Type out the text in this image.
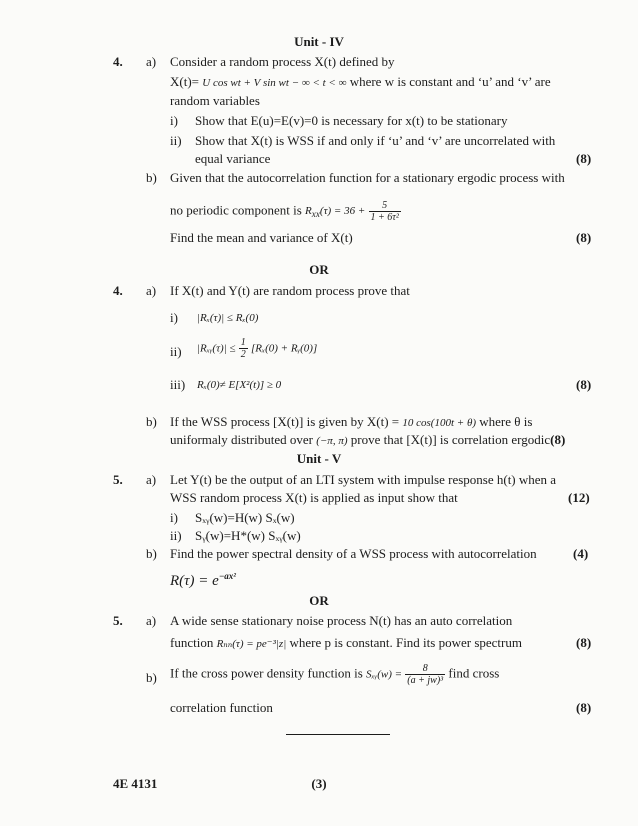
Unit - IV
4. a) Consider a random process X(t) defined by
X(t)= U cos wt + V sin wt − ∞ < t < ∞ where w is constant and ‘u’ and ‘v’ are
random variables
i) Show that E(u)=E(v)=0 is necessary for x(t) to be stationary
ii) Show that X(t) is WSS if and only if ‘u’ and ‘v’ are uncorrelated with
equal variance	(8)
b) Given that the autocorrelation function for a stationary ergodic process with
no periodic component is $R_{xx}(\tau) = 36 + \frac{5}{\text{1 + 6τ²}}$
Find the mean and variance of X(t)	(8)
OR
4. a) If X(t) and Y(t) are random process prove that
i) |Rₓ(τ)| ≤ Rₓ(0)
ii) |Rₓᵧ(τ)| ≤ $\frac{1}{2} [R_x(0)$ + Rᵧ(0)]
iii) Rₓ(0)≠ E[X²(t)] ≥ 0	(8)
b) If the WSS process [X(t)] is given by X(t) = 10 cos(100t + θ) where θ is
uniformaly distributed over (−π, π) prove that [X(t)] is correlation ergodic(8)
Unit - V
5. a) Let Y(t) be the output of an LTI system with impulse response h(t) when a
WSS random process X(t) is applied as input show that	(12)
i) Sₓᵧ(w)=H(w) Sₓ(w)
ii) Sᵧ(w)=H*(w) Sₓᵧ(w)
b) Find the power spectral density of a WSS process with autocorrelation	(4)
$R(\tau) = e^{-ax^2}$
OR
5. a) A wide sense stationary noise process N(t) has an auto correlation
function Rₙₙ(τ) = pe⁻³|z| where p is constant. Find its power spectrum	(8)
b) If the cross power density function is Sₓᵧ(w) = $\frac{8}{\text{(a + jw)³}}$ find cross
correlation function	(8)
4E 4131	(3)
